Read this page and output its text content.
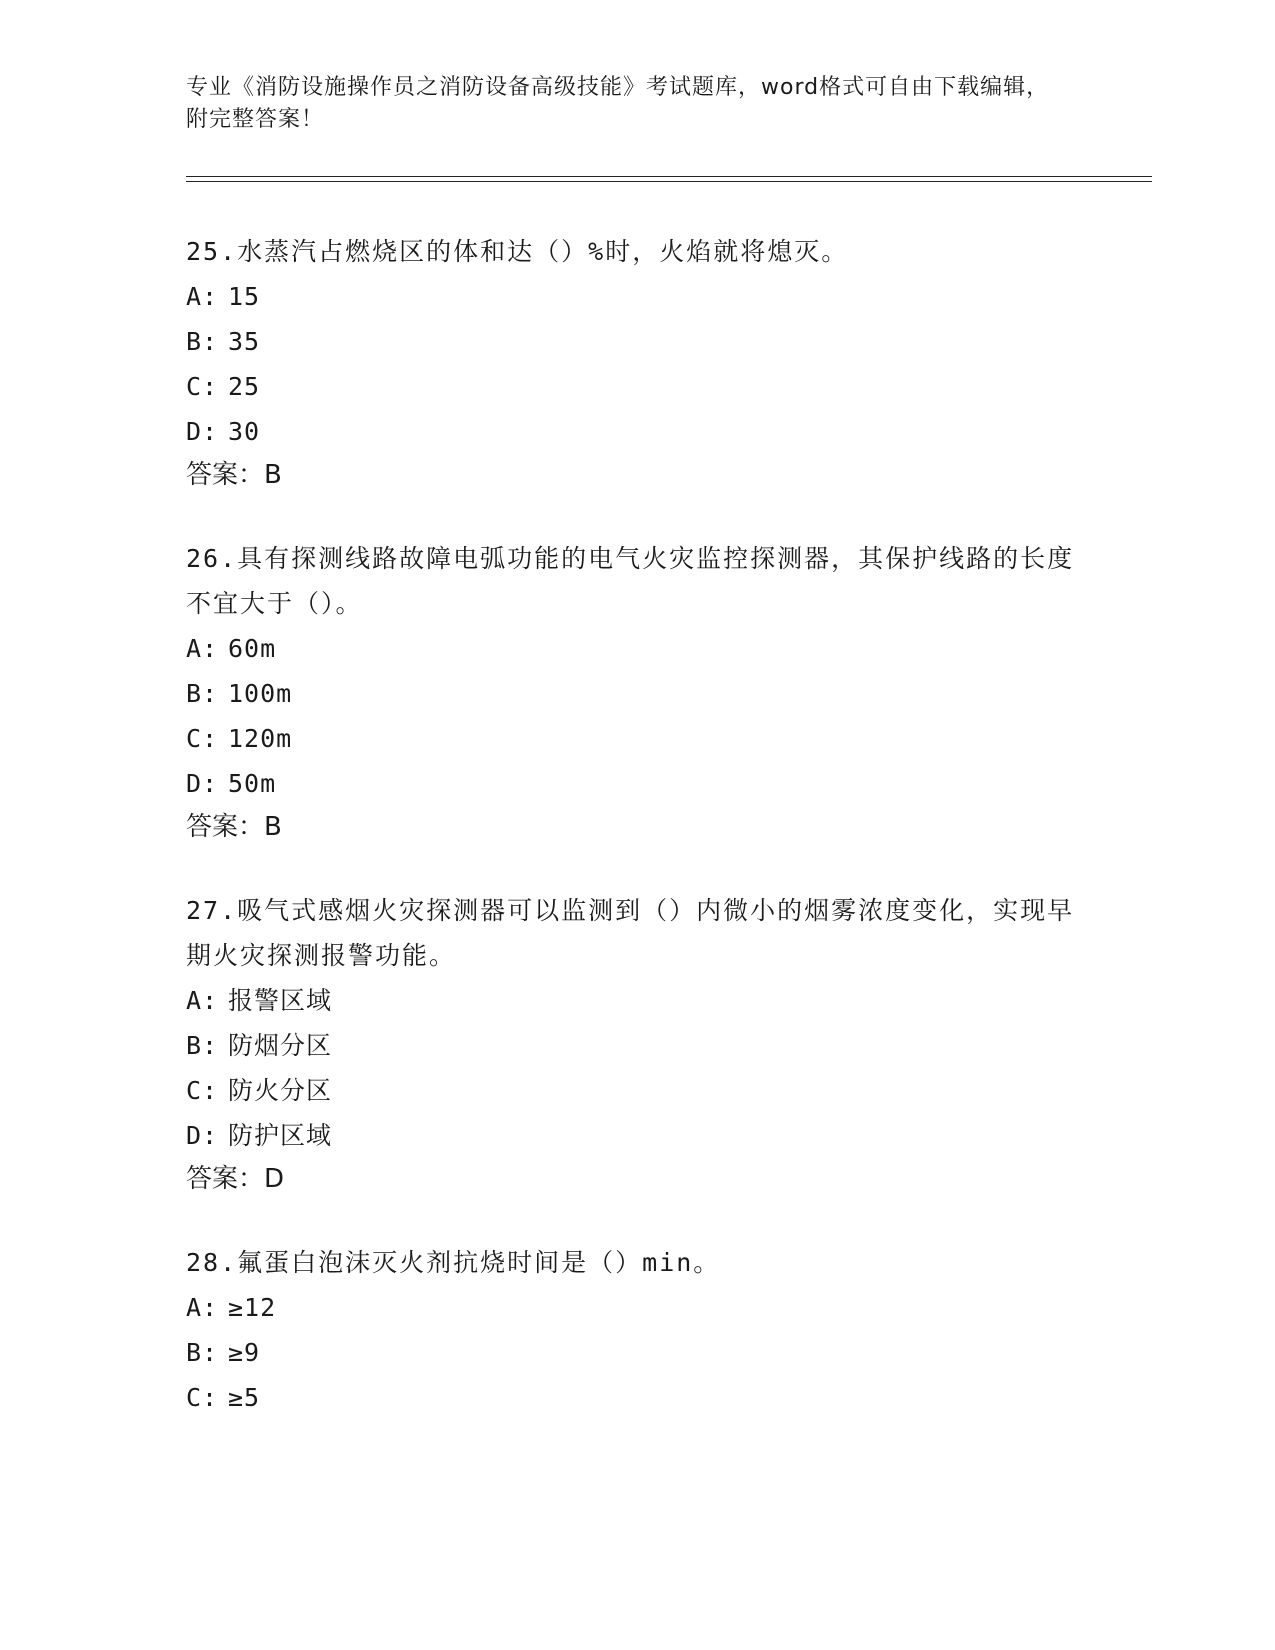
专业《消防设施操作员之消防设备高级技能》考试题库，word格式可自由下载编辑，附完整答案！
25.水蒸汽占燃烧区的体和达（）%时，火焰就将熄灭。
A: 15
B: 35
C: 25
D: 30
答案：B
26.具有探测线路故障电弧功能的电气火灾监控探测器，其保护线路的长度不宜大于（）。
A: 60m
B: 100m
C: 120m
D: 50m
答案：B
27.吸气式感烟火灾探测器可以监测到（）内微小的烟雾浓度变化，实现早期火灾探测报警功能。
A: 报警区域
B: 防烟分区
C: 防火分区
D: 防护区域
答案：D
28.氟蛋白泡沫灭火剂抗烧时间是（）min。
A: ≥12
B: ≥9
C: ≥5
